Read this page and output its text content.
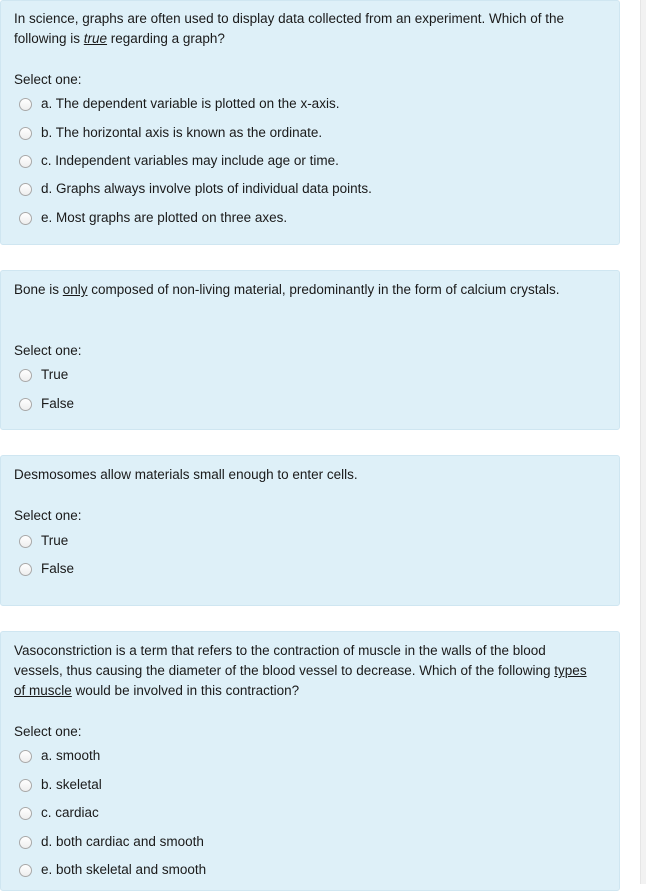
In science, graphs are often used to display data collected from an experiment. Which of the following is true regarding a graph?
Select one:
a. The dependent variable is plotted on the x-axis.
b. The horizontal axis is known as the ordinate.
c. Independent variables may include age or time.
d. Graphs always involve plots of individual data points.
e. Most graphs are plotted on three axes.
Bone is only composed of non-living material, predominantly in the form of calcium crystals.
Select one:
True
False
Desmosomes allow materials small enough to enter cells.
Select one:
True
False
Vasoconstriction is a term that refers to the contraction of muscle in the walls of the blood vessels, thus causing the diameter of the blood vessel to decrease. Which of the following types of muscle would be involved in this contraction?
Select one:
a. smooth
b. skeletal
c. cardiac
d. both cardiac and smooth
e. both skeletal and smooth
